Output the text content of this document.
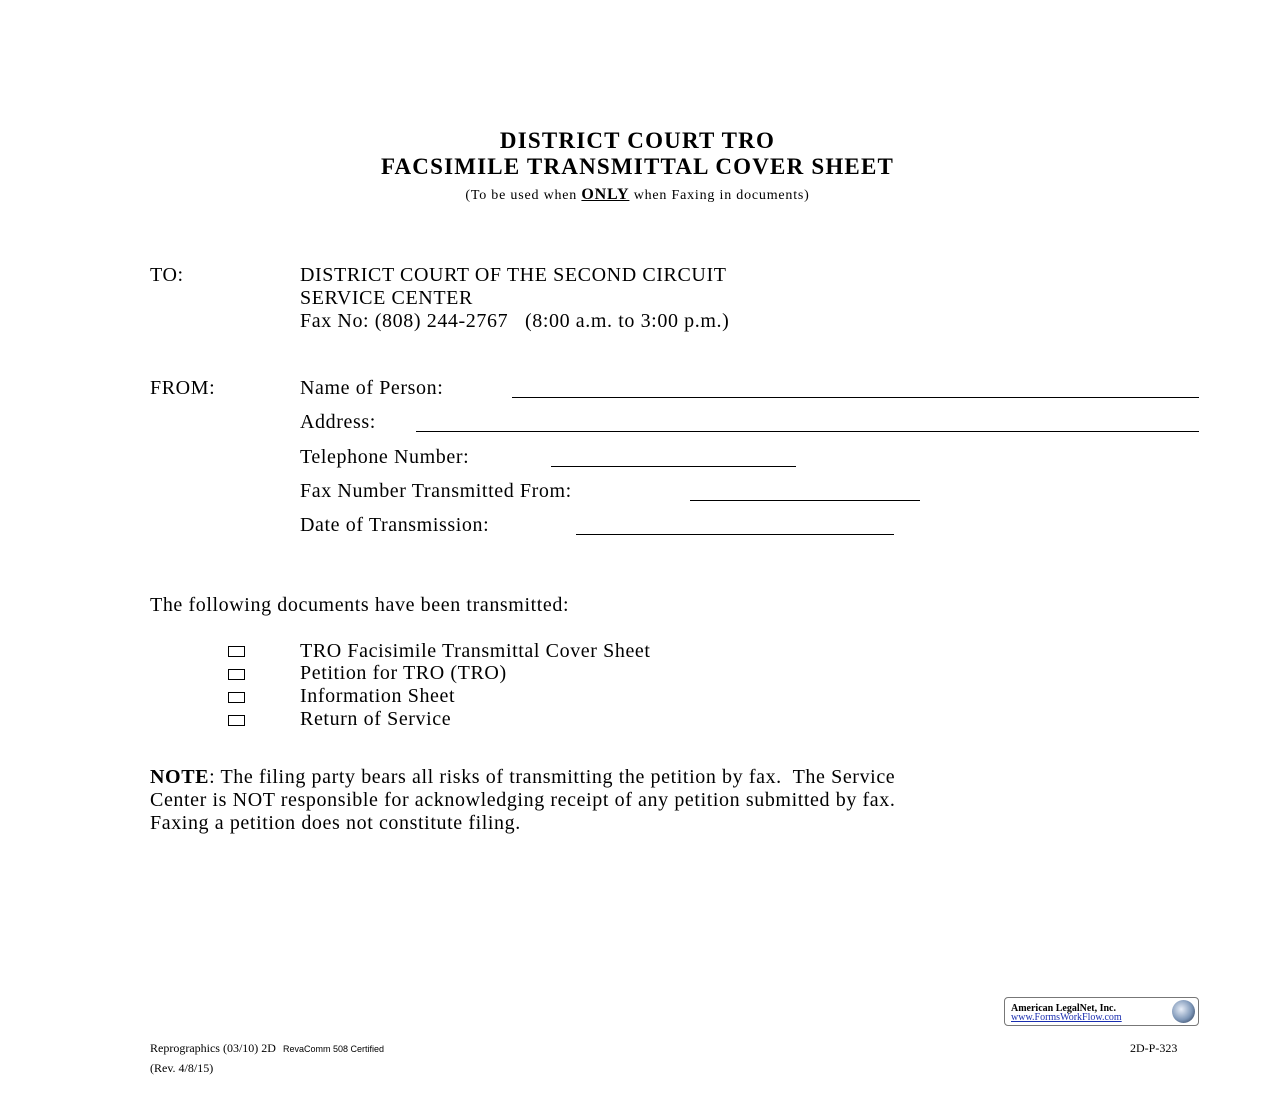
DISTRICT COURT TRO
FACSIMILE TRANSMITTAL COVER SHEET
(To be used when ONLY when Faxing in documents)
TO:	DISTRICT COURT OF THE SECOND CIRCUIT
SERVICE CENTER
Fax No: (808) 244-2767   (8:00 a.m. to 3:00 p.m.)
FROM:	Name of Person:
Address:
Telephone Number:
Fax Number Transmitted From:
Date of Transmission:
The following documents have been transmitted:
TRO Facisimile Transmittal Cover Sheet
Petition for TRO (TRO)
Information Sheet
Return of Service
NOTE: The filing party bears all risks of transmitting the petition by fax.  The Service
Center is NOT responsible for acknowledging receipt of any petition submitted by fax.
Faxing a petition does not constitute filing.
American LegalNet, Inc.
www.FormsWorkFlow.com
Reprographics (03/10) 2D RevaComm 508 Certified	2D-P-323
(Rev. 4/8/15)
